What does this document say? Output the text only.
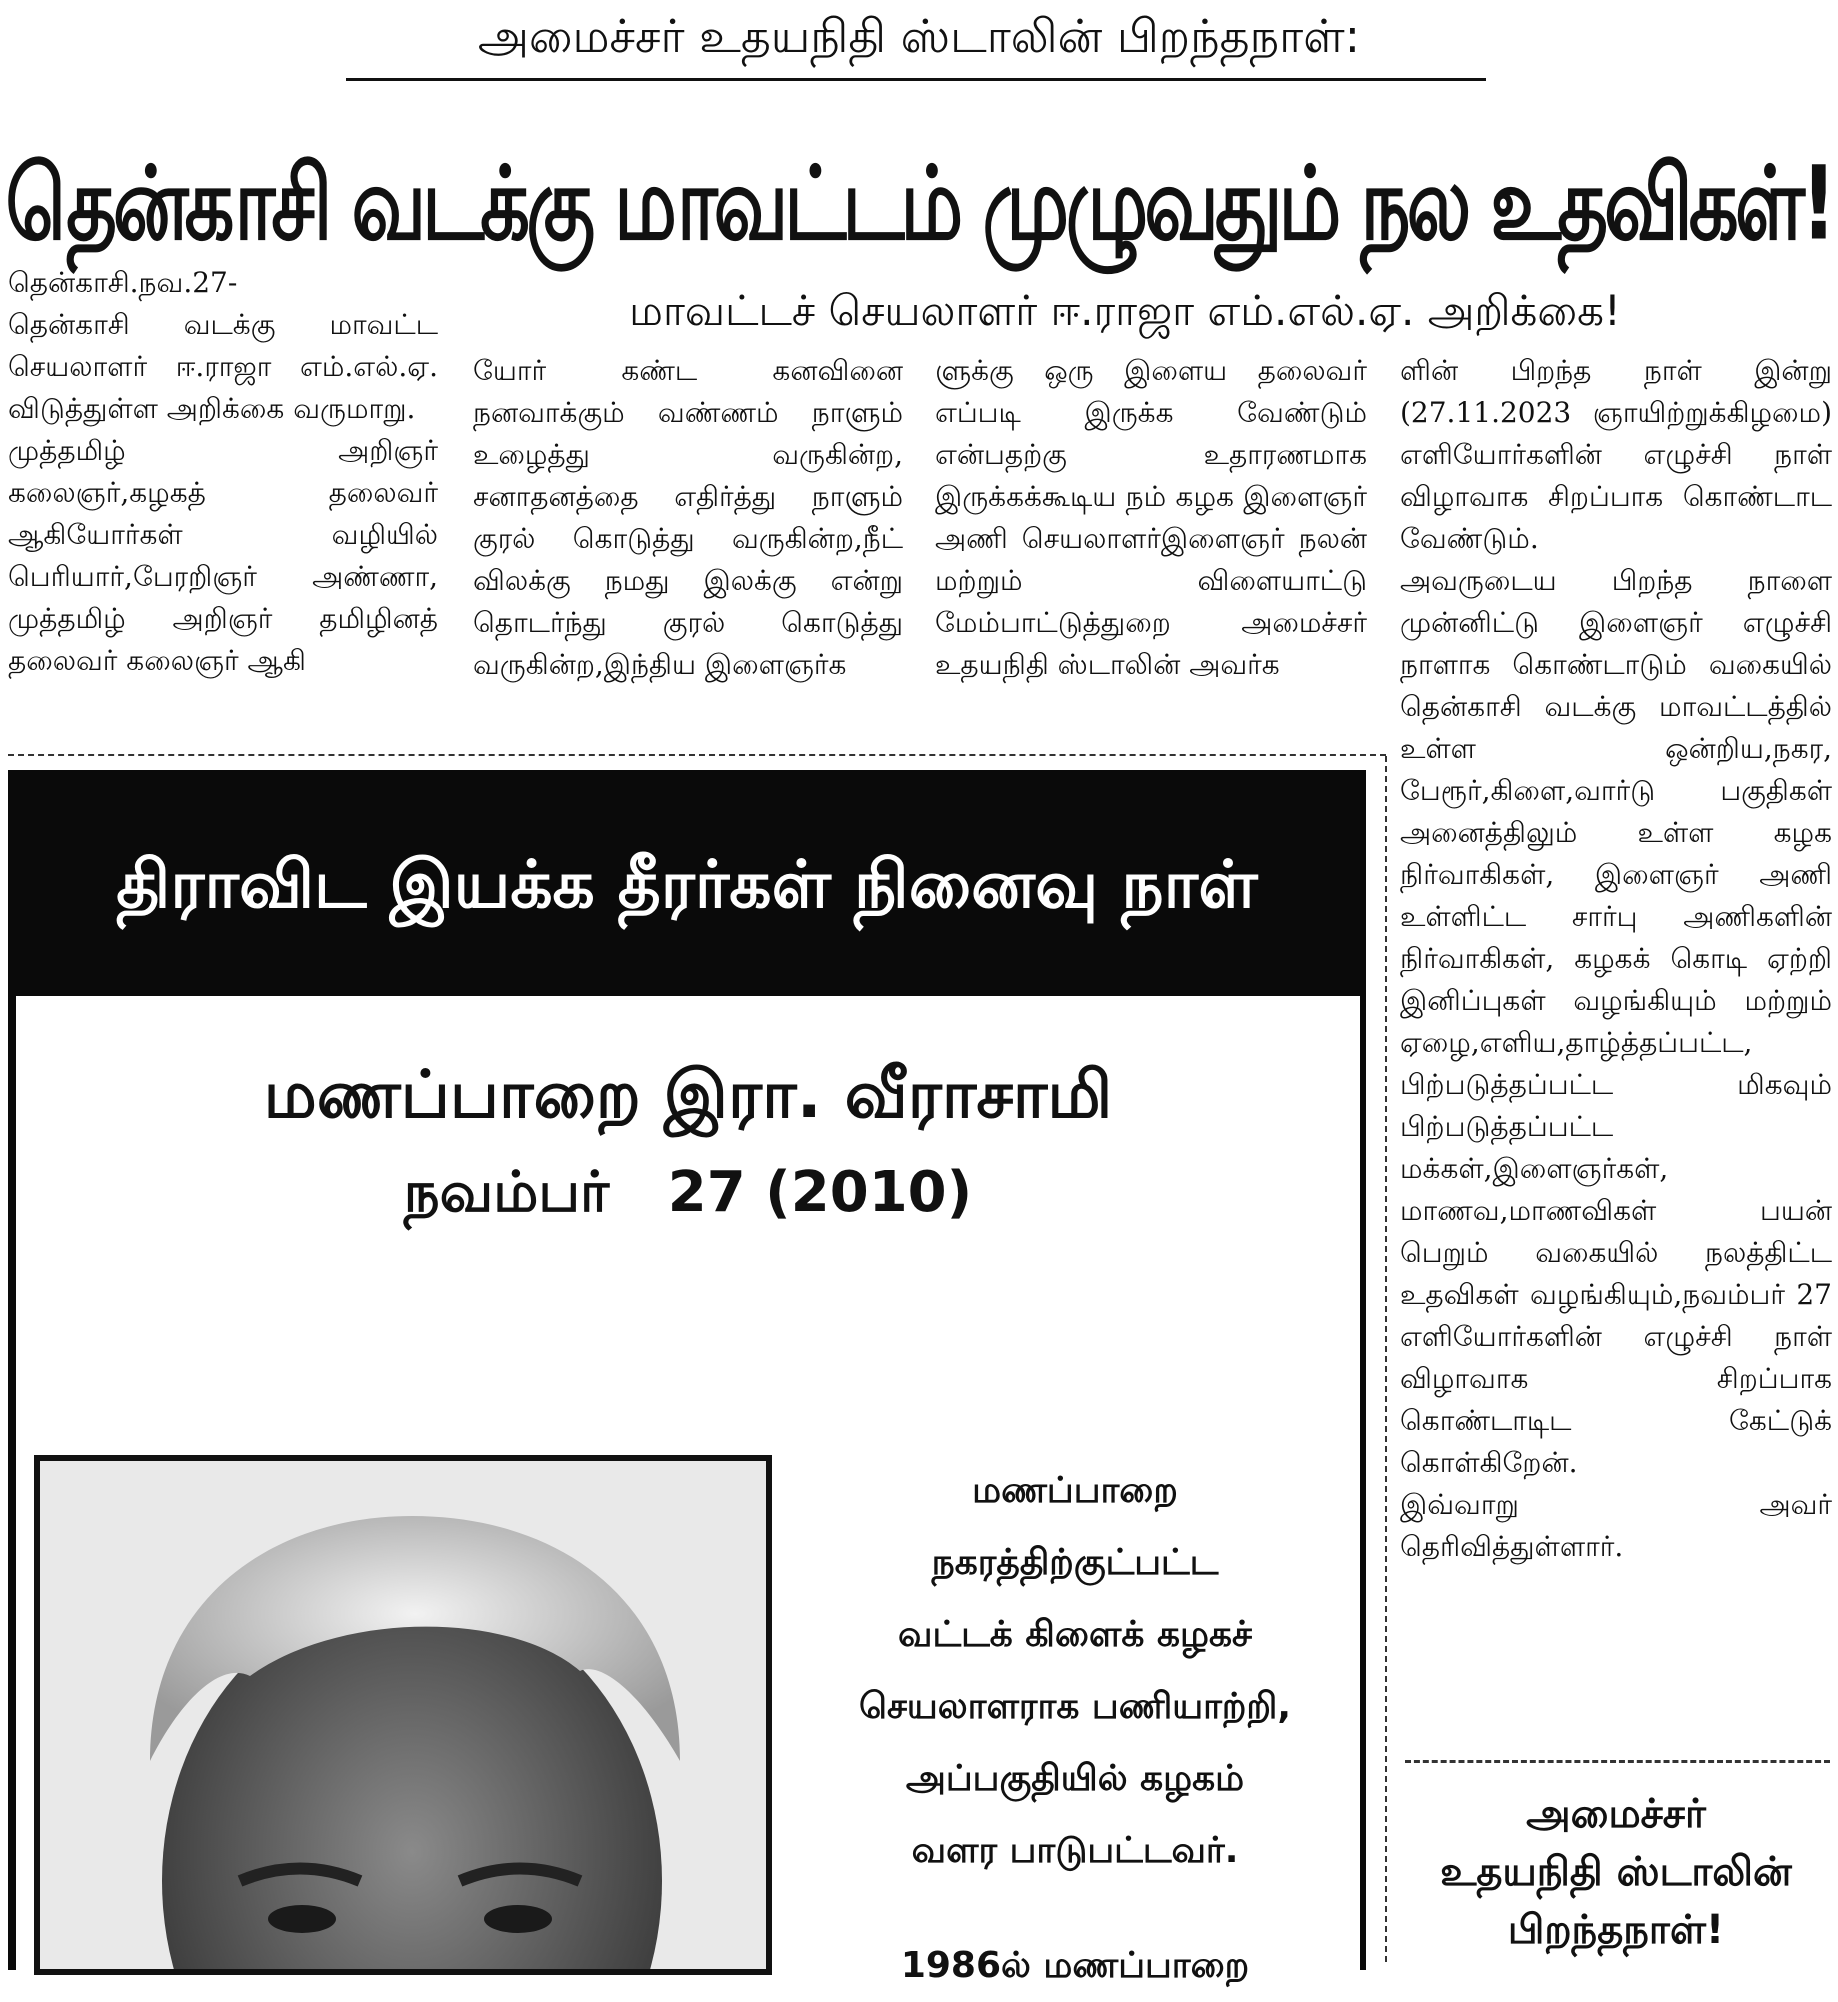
அமைச்சர் உதயநிதி ஸ்டாலின் பிறந்தநாள்:
தென்காசி வடக்கு மாவட்டம் முழுவதும் நல உதவிகள்!
மாவட்டச் செயலாளர் ஈ.ராஜா எம்.எல்.ஏ. அறிக்கை!
தென்காசி.நவ.27-
தென்காசி வடக்கு மாவட்ட செயலாளர் ஈ.ராஜா எம்.எல்.ஏ. விடுத்துள்ள அறிக்கை வருமாறு.
முத்தமிழ் அறிஞர் கலைஞர்,கழகத் தலைவர் ஆகியோர்கள் வழியில் பெரியார்,பேரறிஞர் அண்ணா, முத்தமிழ் அறிஞர் தமிழினத் தலைவர் கலைஞர் ஆகி
யோர் கண்ட கனவினை நனவாக்கும் வண்ணம் நாளும் உழைத்து வருகின்ற, சனாதனத்தை எதிர்த்து நாளும் குரல் கொடுத்து வருகின்ற,நீட் விலக்கு நமது இலக்கு என்று தொடர்ந்து குரல் கொடுத்து வருகின்ற,இந்திய இளைஞர்க
ளுக்கு ஒரு இளைய தலைவர் எப்படி இருக்க வேண்டும் என்பதற்கு உதாரணமாக இருக்கக்கூடிய நம் கழக இளைஞர் அணி செயலாளர்இளைஞர் நலன் மற்றும் விளையாட்டு மேம்பாட்டுத்துறை அமைச்சர் உதயநிதி ஸ்டாலின் அவர்க
ளின் பிறந்த நாள் இன்று (27.11.2023 ஞாயிற்றுக்கிழமை) எளியோர்களின் எழுச்சி நாள் விழாவாக சிறப்பாக கொண்டாட வேண்டும்.
அவருடைய பிறந்த நாளை முன்னிட்டு இளைஞர் எழுச்சி நாளாக கொண்டாடும் வகையில் தென்காசி வடக்கு மாவட்டத்தில் உள்ள ஒன்றிய,நகர, பேரூர்,கிளை,வார்டு பகுதிகள் அனைத்திலும் உள்ள கழக நிர்வாகிகள், இளைஞர் அணி உள்ளிட்ட சார்பு அணிகளின் நிர்வாகிகள், கழகக் கொடி ஏற்றி இனிப்புகள் வழங்கியும் மற்றும் ஏழை,எளிய,தாழ்த்தப்பட்ட, பிற்படுத்தப்பட்ட மிகவும் பிற்படுத்தப்பட்ட மக்கள்,இளைஞர்கள், மாணவ,மாணவிகள் பயன் பெறும் வகையில் நலத்திட்ட உதவிகள் வழங்கியும்,நவம்பர் 27 எளியோர்களின் எழுச்சி நாள் விழாவாக சிறப்பாக கொண்டாடிட கேட்டுக் கொள்கிறேன்.
இவ்வாறு அவர் தெரிவித்துள்ளார்.
திராவிட இயக்க தீரர்கள் நினைவு நாள்
மணப்பாறை இரா. வீராசாமி
நவம்பர்   27 (2010)
மணப்பாறை
நகரத்திற்குட்பட்ட
வட்டக் கிளைக் கழகச்
செயலாளராக பணியாற்றி,
அப்பகுதியில் கழகம்
வளர பாடுபட்டவர்.
1986ல் மணப்பாறை
அமைச்சர்
உதயநிதி ஸ்டாலின்
பிறந்தநாள்!
